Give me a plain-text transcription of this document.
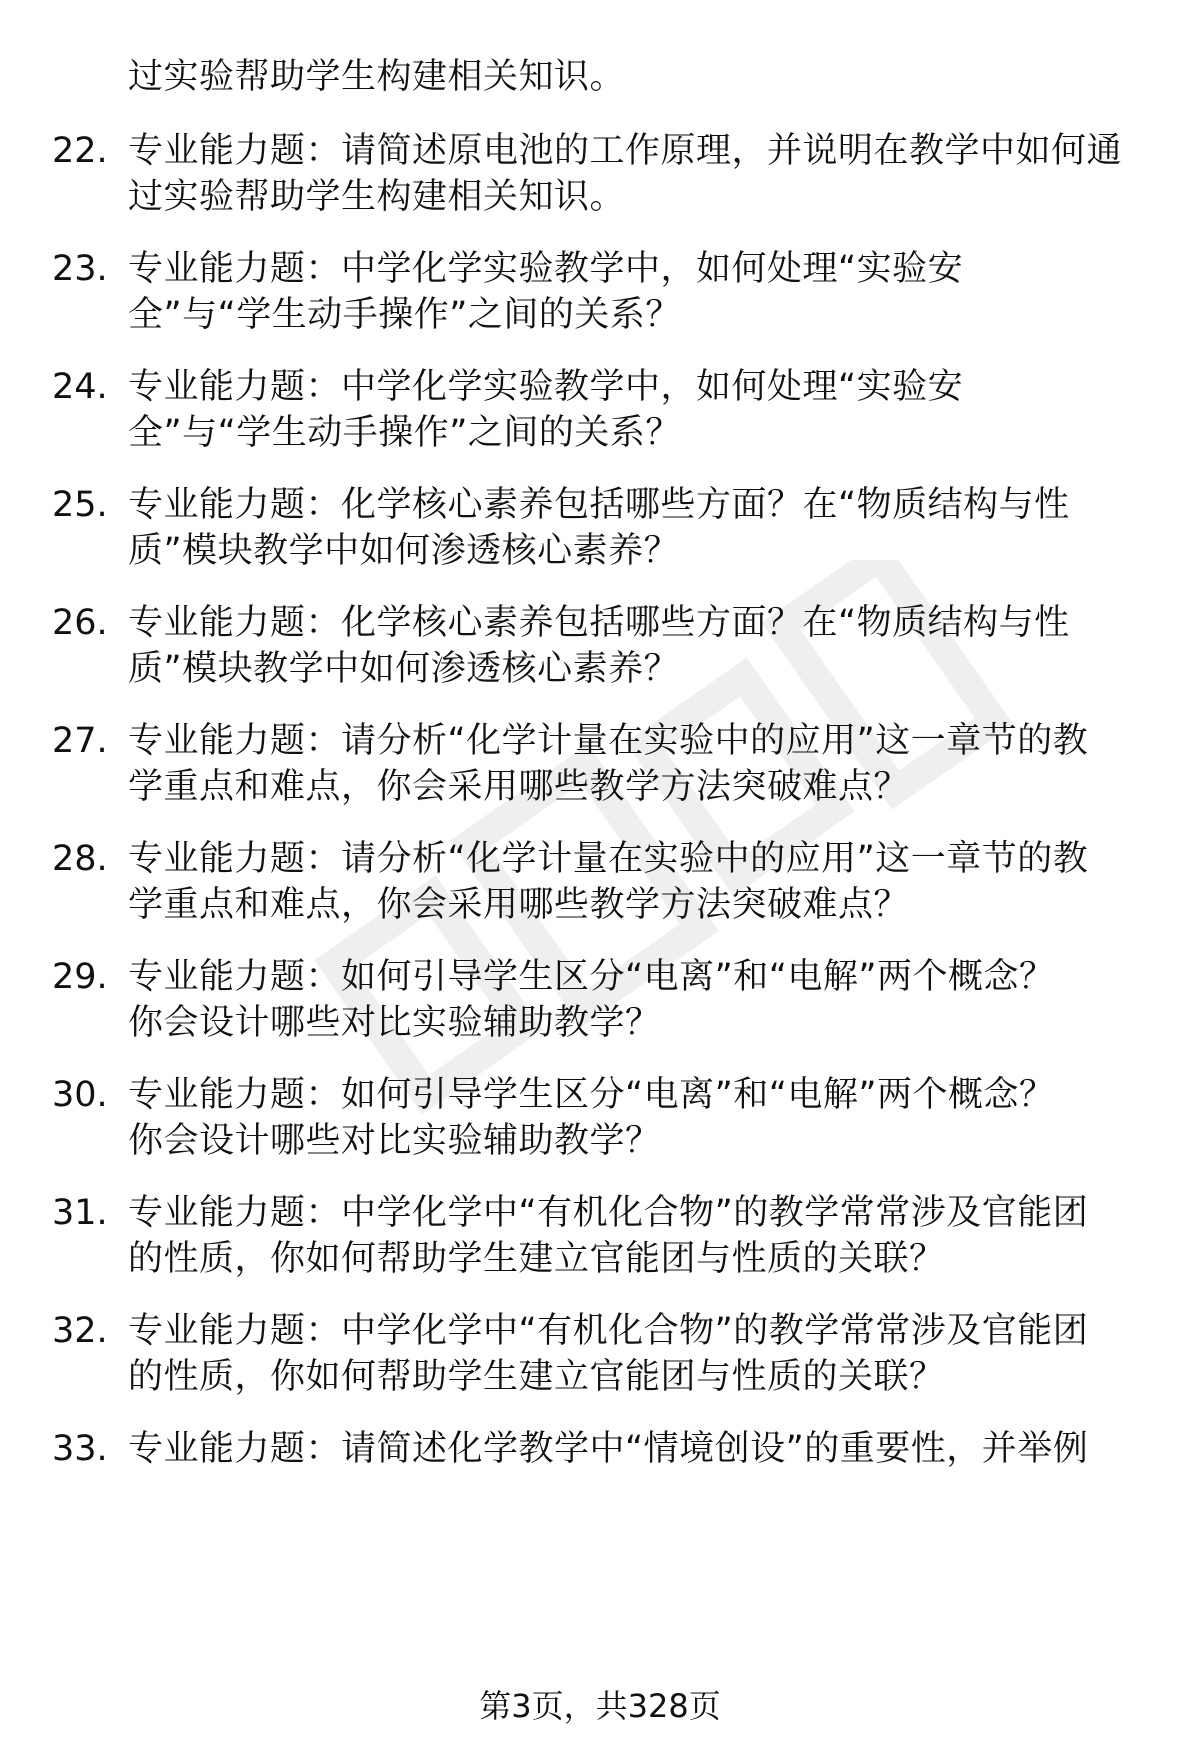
过实验帮助学生构建相关知识。
22. 专业能力题：请简述原电池的工作原理，并说明在教学中如何通
过实验帮助学生构建相关知识。
23. 专业能力题：中学化学实验教学中，如何处理“实验安
全”与“学生动手操作”之间的关系？
24. 专业能力题：中学化学实验教学中，如何处理“实验安
全”与“学生动手操作”之间的关系？
25. 专业能力题：化学核心素养包括哪些方面？在“物质结构与性
质”模块教学中如何渗透核心素养？
26. 专业能力题：化学核心素养包括哪些方面？在“物质结构与性
质”模块教学中如何渗透核心素养？
27. 专业能力题：请分析“化学计量在实验中的应用”这一章节的教
学重点和难点，你会采用哪些教学方法突破难点？
28. 专业能力题：请分析“化学计量在实验中的应用”这一章节的教
学重点和难点，你会采用哪些教学方法突破难点？
29. 专业能力题：如何引导学生区分“电离”和“电解”两个概念？
你会设计哪些对比实验辅助教学？
30. 专业能力题：如何引导学生区分“电离”和“电解”两个概念？
你会设计哪些对比实验辅助教学？
31. 专业能力题：中学化学中“有机化合物”的教学常常涉及官能团
的性质，你如何帮助学生建立官能团与性质的关联？
32. 专业能力题：中学化学中“有机化合物”的教学常常涉及官能团
的性质，你如何帮助学生建立官能团与性质的关联？
33. 专业能力题：请简述化学教学中“情境创设”的重要性，并举例
第3页，共328页
